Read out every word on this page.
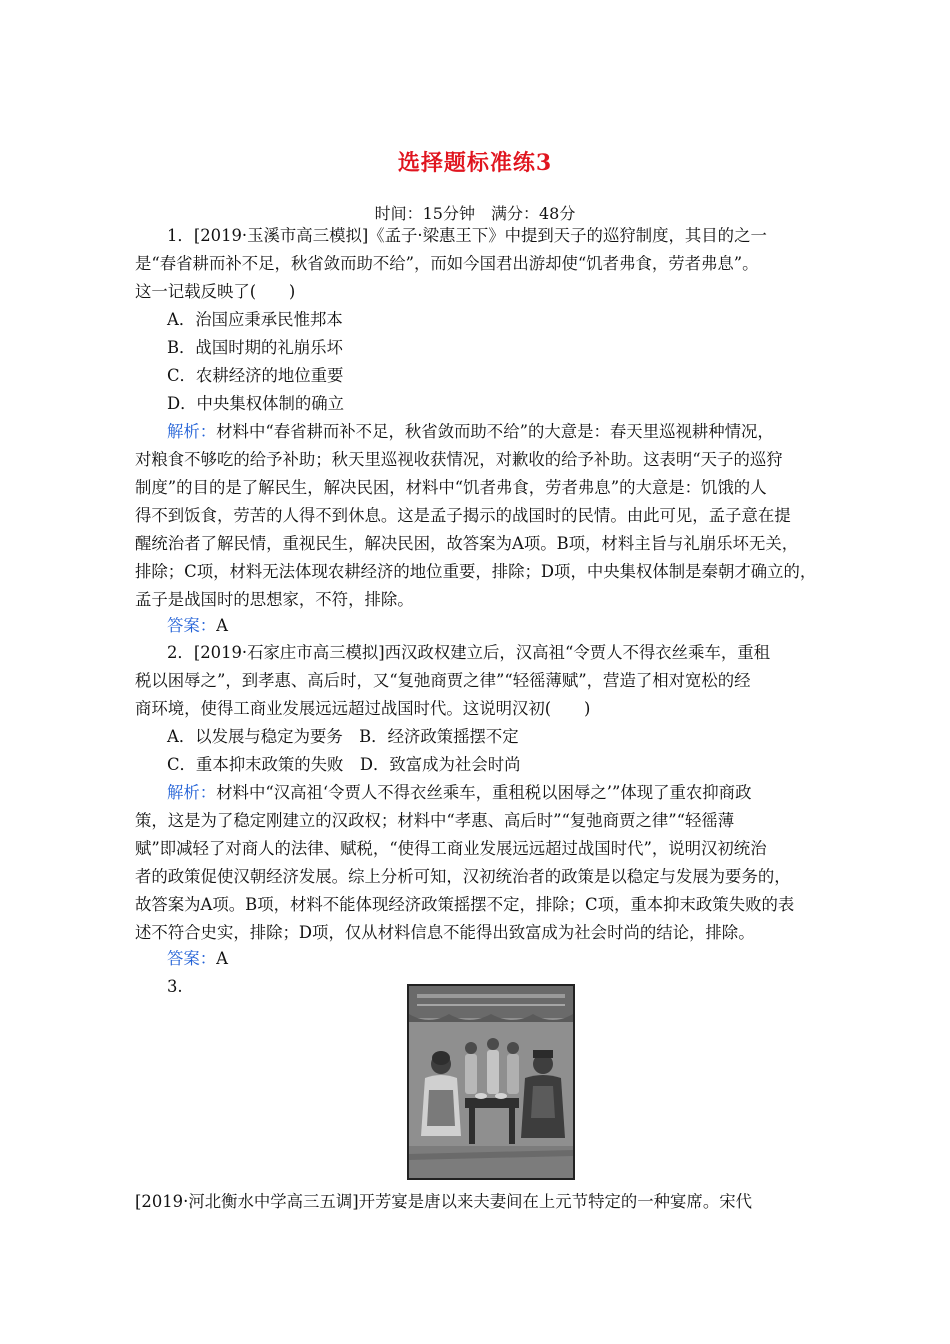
选择题标准练3
时间：15分钟　满分：48分
1．[2019·玉溪市高三模拟]《孟子·梁惠王下》中提到天子的巡狩制度，其目的之一
是“春省耕而补不足，秋省敛而助不给”，而如今国君出游却使“饥者弗食，劳者弗息”。
这一记载反映了(　　)
A．治国应秉承民惟邦本
B．战国时期的礼崩乐坏
C．农耕经济的地位重要
D．中央集权体制的确立
解析：材料中“春省耕而补不足，秋省敛而助不给”的大意是：春天里巡视耕种情况，
对粮食不够吃的给予补助；秋天里巡视收获情况，对歉收的给予补助。这表明“天子的巡狩
制度”的目的是了解民生，解决民困，材料中“饥者弗食，劳者弗息”的大意是：饥饿的人
得不到饭食，劳苦的人得不到休息。这是孟子揭示的战国时的民情。由此可见，孟子意在提
醒统治者了解民情，重视民生，解决民困，故答案为A项。B项，材料主旨与礼崩乐坏无关，
排除；C项，材料无法体现农耕经济的地位重要，排除；D项，中央集权体制是秦朝才确立的，
孟子是战国时的思想家，不符，排除。
答案：A
2．[2019·石家庄市高三模拟]西汉政权建立后，汉高祖“令贾人不得衣丝乘车，重租
税以困辱之”，到孝惠、高后时，又“复弛商贾之律”“轻徭薄赋”，营造了相对宽松的经
商环境，使得工商业发展远远超过战国时代。这说明汉初(　　)
A．以发展与稳定为要务　B．经济政策摇摆不定
C．重本抑末政策的失败　D．致富成为社会时尚
解析：材料中“汉高祖‘令贾人不得衣丝乘车，重租税以困辱之’”体现了重农抑商政
策，这是为了稳定刚建立的汉政权；材料中“孝惠、高后时”“复弛商贾之律”“轻徭薄
赋”即减轻了对商人的法律、赋税，“使得工商业发展远远超过战国时代”，说明汉初统治
者的政策促使汉朝经济发展。综上分析可知，汉初统治者的政策是以稳定与发展为要务的，
故答案为A项。B项，材料不能体现经济政策摇摆不定，排除；C项，重本抑末政策失败的表
述不符合史实，排除；D项，仅从材料信息不能得出致富成为社会时尚的结论，排除。
答案：A
3.
[2019·河北衡水中学高三五调]开芳宴是唐以来夫妻间在上元节特定的一种宴席。宋代
